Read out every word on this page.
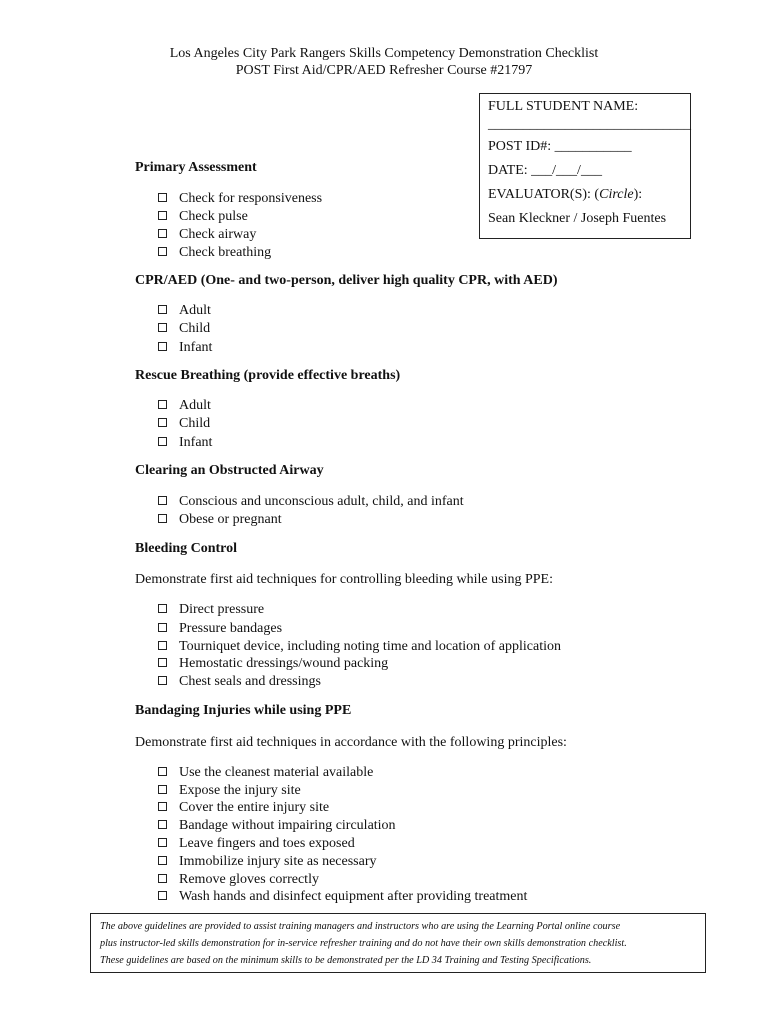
Los Angeles City Park Rangers Skills Competency Demonstration Checklist
POST First Aid/CPR/AED Refresher Course #21797
FULL STUDENT NAME:
_____________________________
POST ID#: ___________
DATE: ___/___/___
EVALUATOR(S): (Circle):
Sean Kleckner / Joseph Fuentes
Primary Assessment
Check for responsiveness
Check pulse
Check airway
Check breathing
CPR/AED (One- and two-person, deliver high quality CPR, with AED)
Adult
Child
Infant
Rescue Breathing (provide effective breaths)
Adult
Child
Infant
Clearing an Obstructed Airway
Conscious and unconscious adult, child, and infant
Obese or pregnant
Bleeding Control
Demonstrate first aid techniques for controlling bleeding while using PPE:
Direct pressure
Pressure bandages
Tourniquet device, including noting time and location of application
Hemostatic dressings/wound packing
Chest seals and dressings
Bandaging Injuries while using PPE
Demonstrate first aid techniques in accordance with the following principles:
Use the cleanest material available
Expose the injury site
Cover the entire injury site
Bandage without impairing circulation
Leave fingers and toes exposed
Immobilize injury site as necessary
Remove gloves correctly
Wash hands and disinfect equipment after providing treatment
The above guidelines are provided to assist training managers and instructors who are using the Learning Portal online course
plus instructor-led skills demonstration for in-service refresher training and do not have their own skills demonstration checklist.
These guidelines are based on the minimum skills to be demonstrated per the LD 34 Training and Testing Specifications.
